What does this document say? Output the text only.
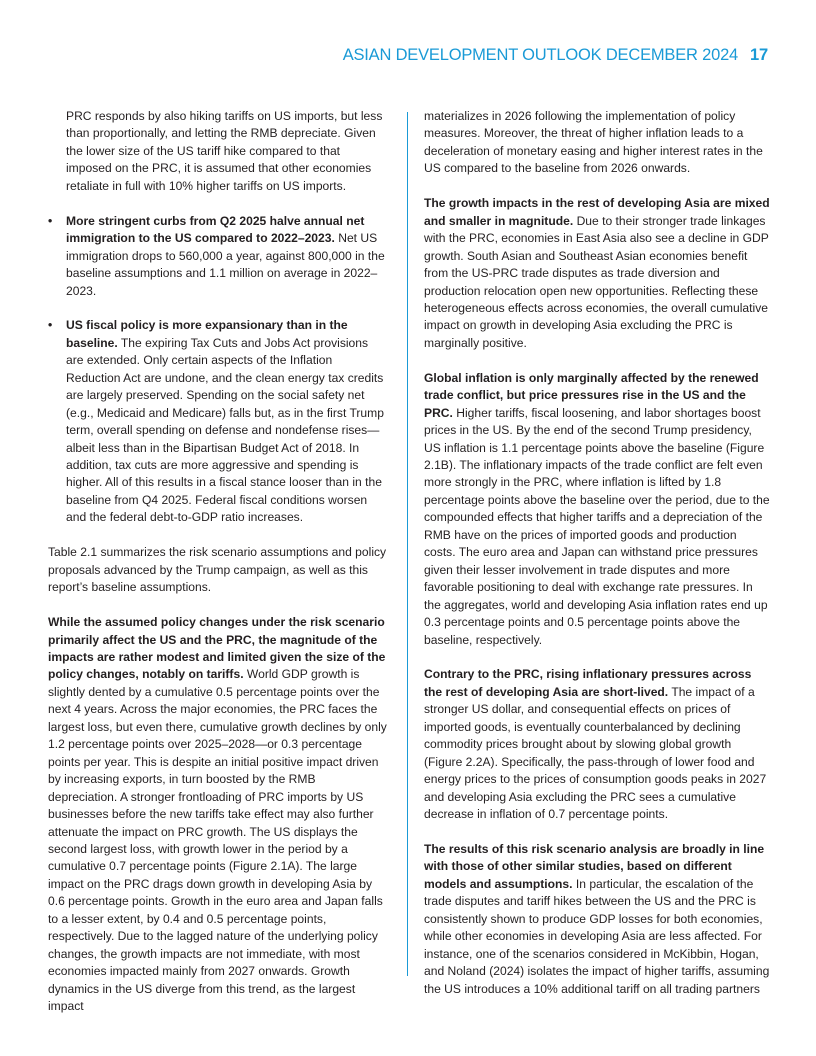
ASIAN DEVELOPMENT OUTLOOK DECEMBER 2024 17

PRC responds by also hiking tariffs on US imports, but less than proportionally, and letting the RMB depreciate. Given the lower size of the US tariff hike compared to that imposed on the PRC, it is assumed that other economies retaliate in full with 10% higher tariffs on US imports.

• More stringent curbs from Q2 2025 halve annual net immigration to the US compared to 2022–2023. Net US immigration drops to 560,000 a year, against 800,000 in the baseline assumptions and 1.1 million on average in 2022–2023.

• US fiscal policy is more expansionary than in the baseline. The expiring Tax Cuts and Jobs Act provisions are extended. Only certain aspects of the Inflation Reduction Act are undone, and the clean energy tax credits are largely preserved. Spending on the social safety net (e.g., Medicaid and Medicare) falls but, as in the first Trump term, overall spending on defense and nondefense rises—albeit less than in the Bipartisan Budget Act of 2018. In addition, tax cuts are more aggressive and spending is higher. All of this results in a fiscal stance looser than in the baseline from Q4 2025. Federal fiscal conditions worsen and the federal debt-to-GDP ratio increases.

Table 2.1 summarizes the risk scenario assumptions and policy proposals advanced by the Trump campaign, as well as this report’s baseline assumptions.

While the assumed policy changes under the risk scenario primarily affect the US and the PRC, the magnitude of the impacts are rather modest and limited given the size of the policy changes, notably on tariffs. World GDP growth is slightly dented by a cumulative 0.5 percentage points over the next 4 years. Across the major economies, the PRC faces the largest loss, but even there, cumulative growth declines by only 1.2 percentage points over 2025–2028—or 0.3 percentage points per year. This is despite an initial positive impact driven by increasing exports, in turn boosted by the RMB depreciation. A stronger frontloading of PRC imports by US businesses before the new tariffs take effect may also further attenuate the impact on PRC growth. The US displays the second largest loss, with growth lower in the period by a cumulative 0.7 percentage points (Figure 2.1A). The large impact on the PRC drags down growth in developing Asia by 0.6 percentage points. Growth in the euro area and Japan falls to a lesser extent, by 0.4 and 0.5 percentage points, respectively. Due to the lagged nature of the underlying policy changes, the growth impacts are not immediate, with most economies impacted mainly from 2027 onwards. Growth dynamics in the US diverge from this trend, as the largest impact

materializes in 2026 following the implementation of policy measures. Moreover, the threat of higher inflation leads to a deceleration of monetary easing and higher interest rates in the US compared to the baseline from 2026 onwards.

The growth impacts in the rest of developing Asia are mixed and smaller in magnitude. Due to their stronger trade linkages with the PRC, economies in East Asia also see a decline in GDP growth. South Asian and Southeast Asian economies benefit from the US-PRC trade disputes as trade diversion and production relocation open new opportunities. Reflecting these heterogeneous effects across economies, the overall cumulative impact on growth in developing Asia excluding the PRC is marginally positive.

Global inflation is only marginally affected by the renewed trade conflict, but price pressures rise in the US and the PRC. Higher tariffs, fiscal loosening, and labor shortages boost prices in the US. By the end of the second Trump presidency, US inflation is 1.1 percentage points above the baseline (Figure 2.1B). The inflationary impacts of the trade conflict are felt even more strongly in the PRC, where inflation is lifted by 1.8 percentage points above the baseline over the period, due to the compounded effects that higher tariffs and a depreciation of the RMB have on the prices of imported goods and production costs. The euro area and Japan can withstand price pressures given their lesser involvement in trade disputes and more favorable positioning to deal with exchange rate pressures. In the aggregates, world and developing Asia inflation rates end up 0.3 percentage points and 0.5 percentage points above the baseline, respectively.

Contrary to the PRC, rising inflationary pressures across the rest of developing Asia are short-lived. The impact of a stronger US dollar, and consequential effects on prices of imported goods, is eventually counterbalanced by declining commodity prices brought about by slowing global growth (Figure 2.2A). Specifically, the pass-through of lower food and energy prices to the prices of consumption goods peaks in 2027 and developing Asia excluding the PRC sees a cumulative decrease in inflation of 0.7 percentage points.

The results of this risk scenario analysis are broadly in line with those of other similar studies, based on different models and assumptions. In particular, the escalation of the trade disputes and tariff hikes between the US and the PRC is consistently shown to produce GDP losses for both economies, while other economies in developing Asia are less affected. For instance, one of the scenarios considered in McKibbin, Hogan, and Noland (2024) isolates the impact of higher tariffs, assuming the US introduces a 10% additional tariff on all trading partners
